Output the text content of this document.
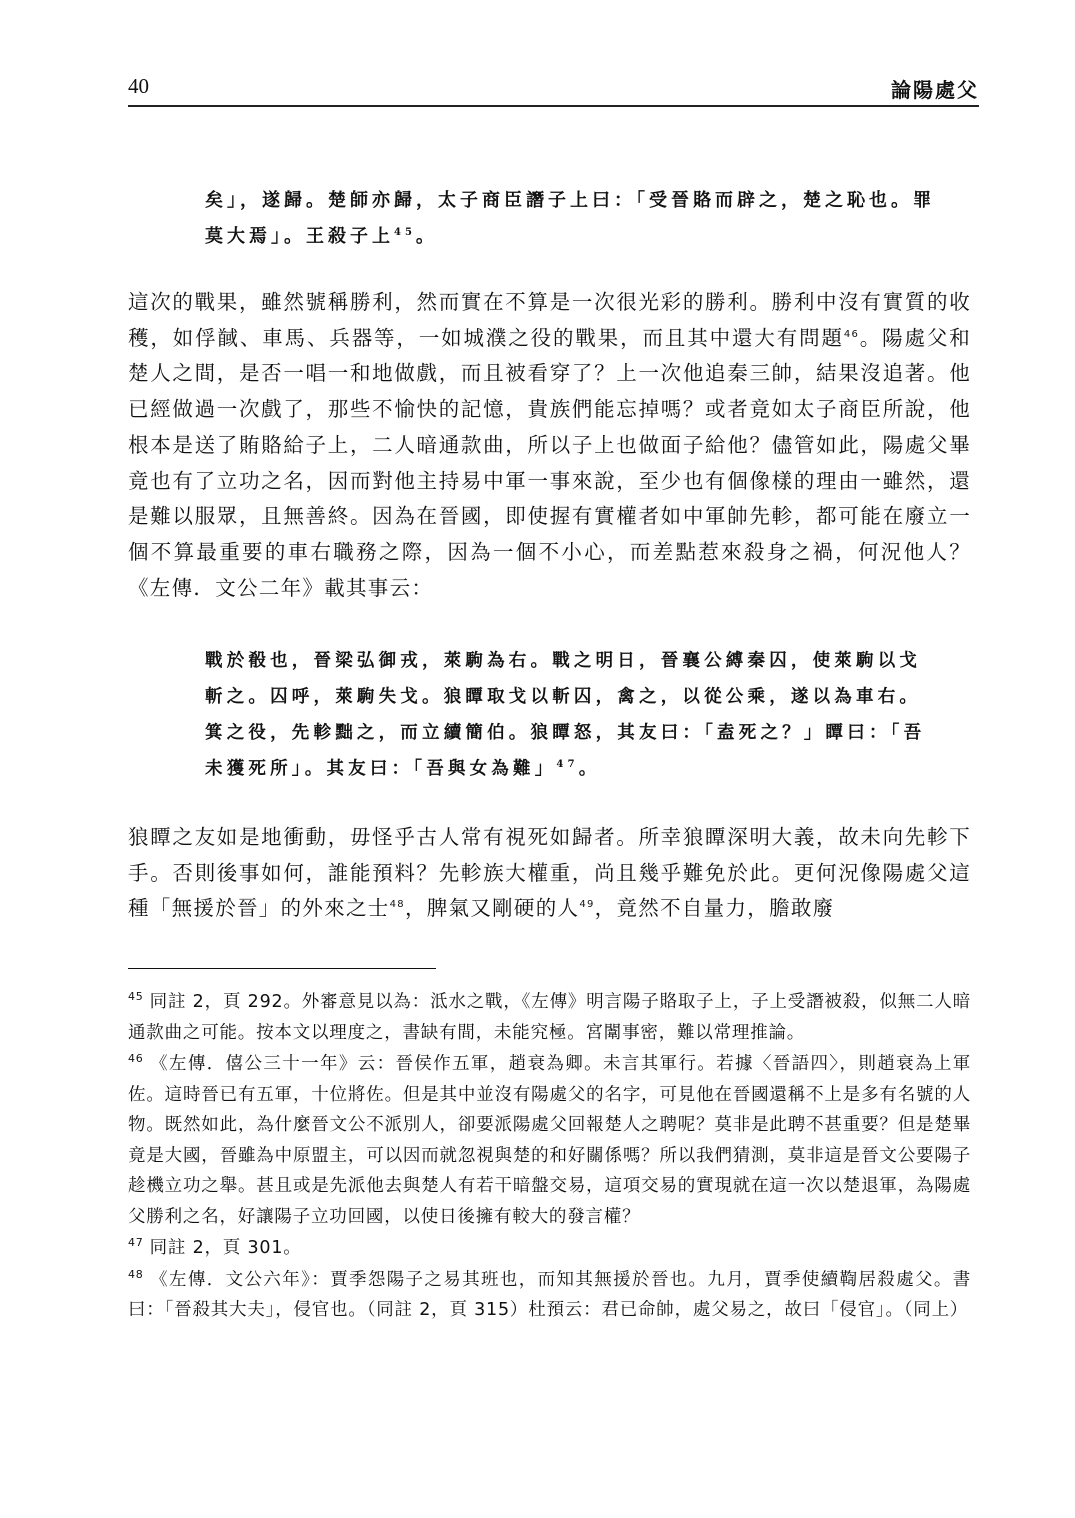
40	論陽處父

矣」，遂歸。楚師亦歸，太子商臣譖子上曰：「受晉賂而辟之，楚之恥也。罪

莫大焉」。王殺子上$^{45}$。

這次的戰果，雖然號稱勝利，然而實在不算是一次很光彩的勝利。勝利中沒有實質的收穫，如俘馘、車馬、兵器等，一如城濮之役的戰果，而且其中還大有問題$^{46}$。陽處父和楚人之間，是否一唱一和地做戲，而且被看穿了？上一次他追秦三帥，結果沒追著。他已經做過一次戲了，那些不愉快的記憶，貴族們能忘掉嗎？或者竟如太子商臣所說，他根本是送了賄賂給子上，二人暗通款曲，所以子上也做面子給他？儘管如此，陽處父畢竟也有了立功之名，因而對他主持易中軍一事來說，至少也有個像樣的理由一雖然，還是難以服眾，且無善終。因為在晉國，即使握有實權者如中軍帥先軫，都可能在廢立一個不算最重要的車右職務之際，因為一個不小心，而差點惹來殺身之禍，何況他人？《左傳．文公二年》載其事云：

戰於殽也，晉梁弘御戎，萊駒為右。戰之明日，晉襄公縛秦囚，使萊駒以戈

斬之。囚呼，萊駒失戈。狼瞫取戈以斬囚，禽之，以從公乘，遂以為車右。

箕之役，先軫黜之，而立續簡伯。狼瞫怒，其友曰：「盍死之？」瞫曰：「吾

未獲死所」。其友曰：「吾與女為難」$^{47}$。

狼瞫之友如是地衝動，毋怪乎古人常有視死如歸者。所幸狼瞫深明大義，故未向先軫下手。否則後事如何，誰能預料？先軫族大權重，尚且幾乎難免於此。更何況像陽處父這種「無援於晉」的外來之士$^{48}$，脾氣又剛硬的人$^{49}$，竟然不自量力，膽敢廢

$^{45}$ 同註 2，頁 292。外審意見以為：泜水之戰，《左傳》明言陽子賂取子上，子上受譖被殺，似無二人暗通款曲之可能。按本文以理度之，書缺有間，未能究極。宮闈事密，難以常理推論。

$^{46}$ 《左傳．僖公三十一年》云：晉侯作五軍，趙衰為卿。未言其軍行。若據〈晉語四〉，則趙衰為上軍佐。這時晉已有五軍，十位將佐。但是其中並沒有陽處父的名字，可見他在晉國還稱不上是多有名號的人物。既然如此，為什麼晉文公不派別人，卻要派陽處父回報楚人之聘呢？莫非是此聘不甚重要？但是楚畢竟是大國，晉雖為中原盟主，可以因而就忽視與楚的和好關係嗎？所以我們猜測，莫非這是晉文公要陽子趁機立功之舉。甚且或是先派他去與楚人有若干暗盤交易，這項交易的實現就在這一次以楚退軍，為陽處父勝利之名，好讓陽子立功回國，以使日後擁有較大的發言權？

$^{47}$ 同註 2，頁 301。

$^{48}$ 《左傳．文公六年》：賈季怨陽子之易其班也，而知其無援於晉也。九月，賈季使續鞫居殺處父。書曰：「晉殺其大夫」，侵官也。（同註 2，頁 315）杜預云：君已命帥，處父易之，故曰「侵官」。（同上）
